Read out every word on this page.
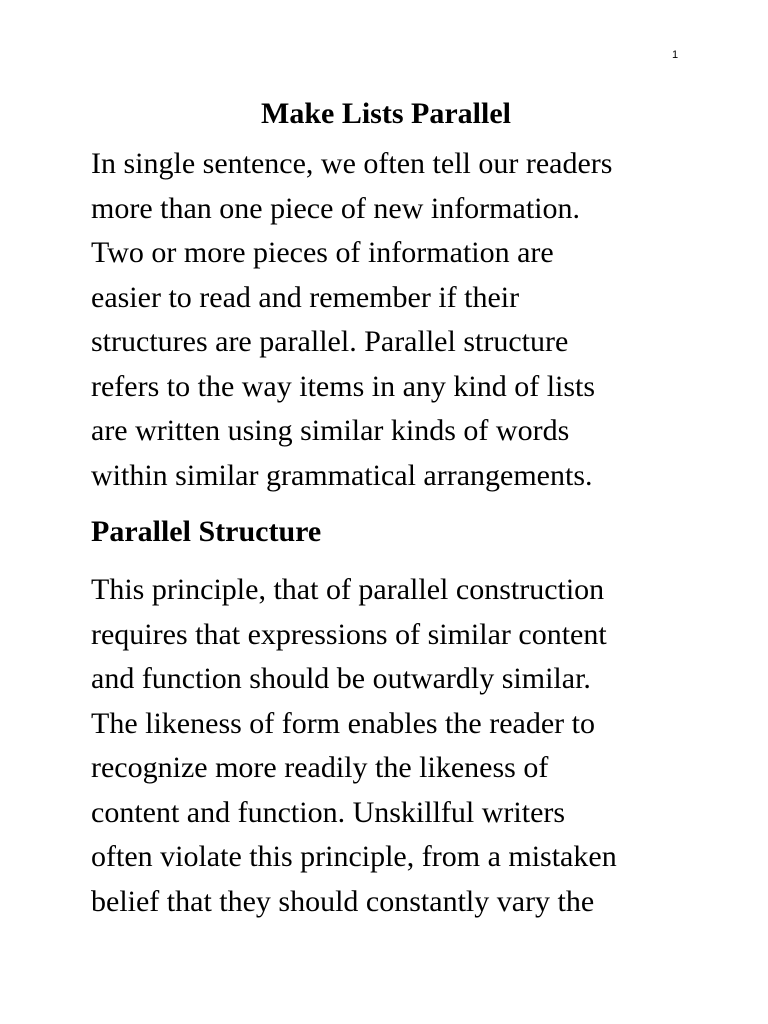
1
Make Lists Parallel

In single sentence, we often tell our readers
more than one piece of new information.
Two or more pieces of information are
easier to read and remember if their
structures are parallel. Parallel structure
refers to the way items in any kind of lists
are written using similar kinds of words
within similar grammatical arrangements.

Parallel Structure

This principle, that of parallel construction
requires that expressions of similar content
and function should be outwardly similar.
The likeness of form enables the reader to
recognize more readily the likeness of
content and function. Unskillful writers
often violate this principle, from a mistaken
belief that they should constantly vary the
